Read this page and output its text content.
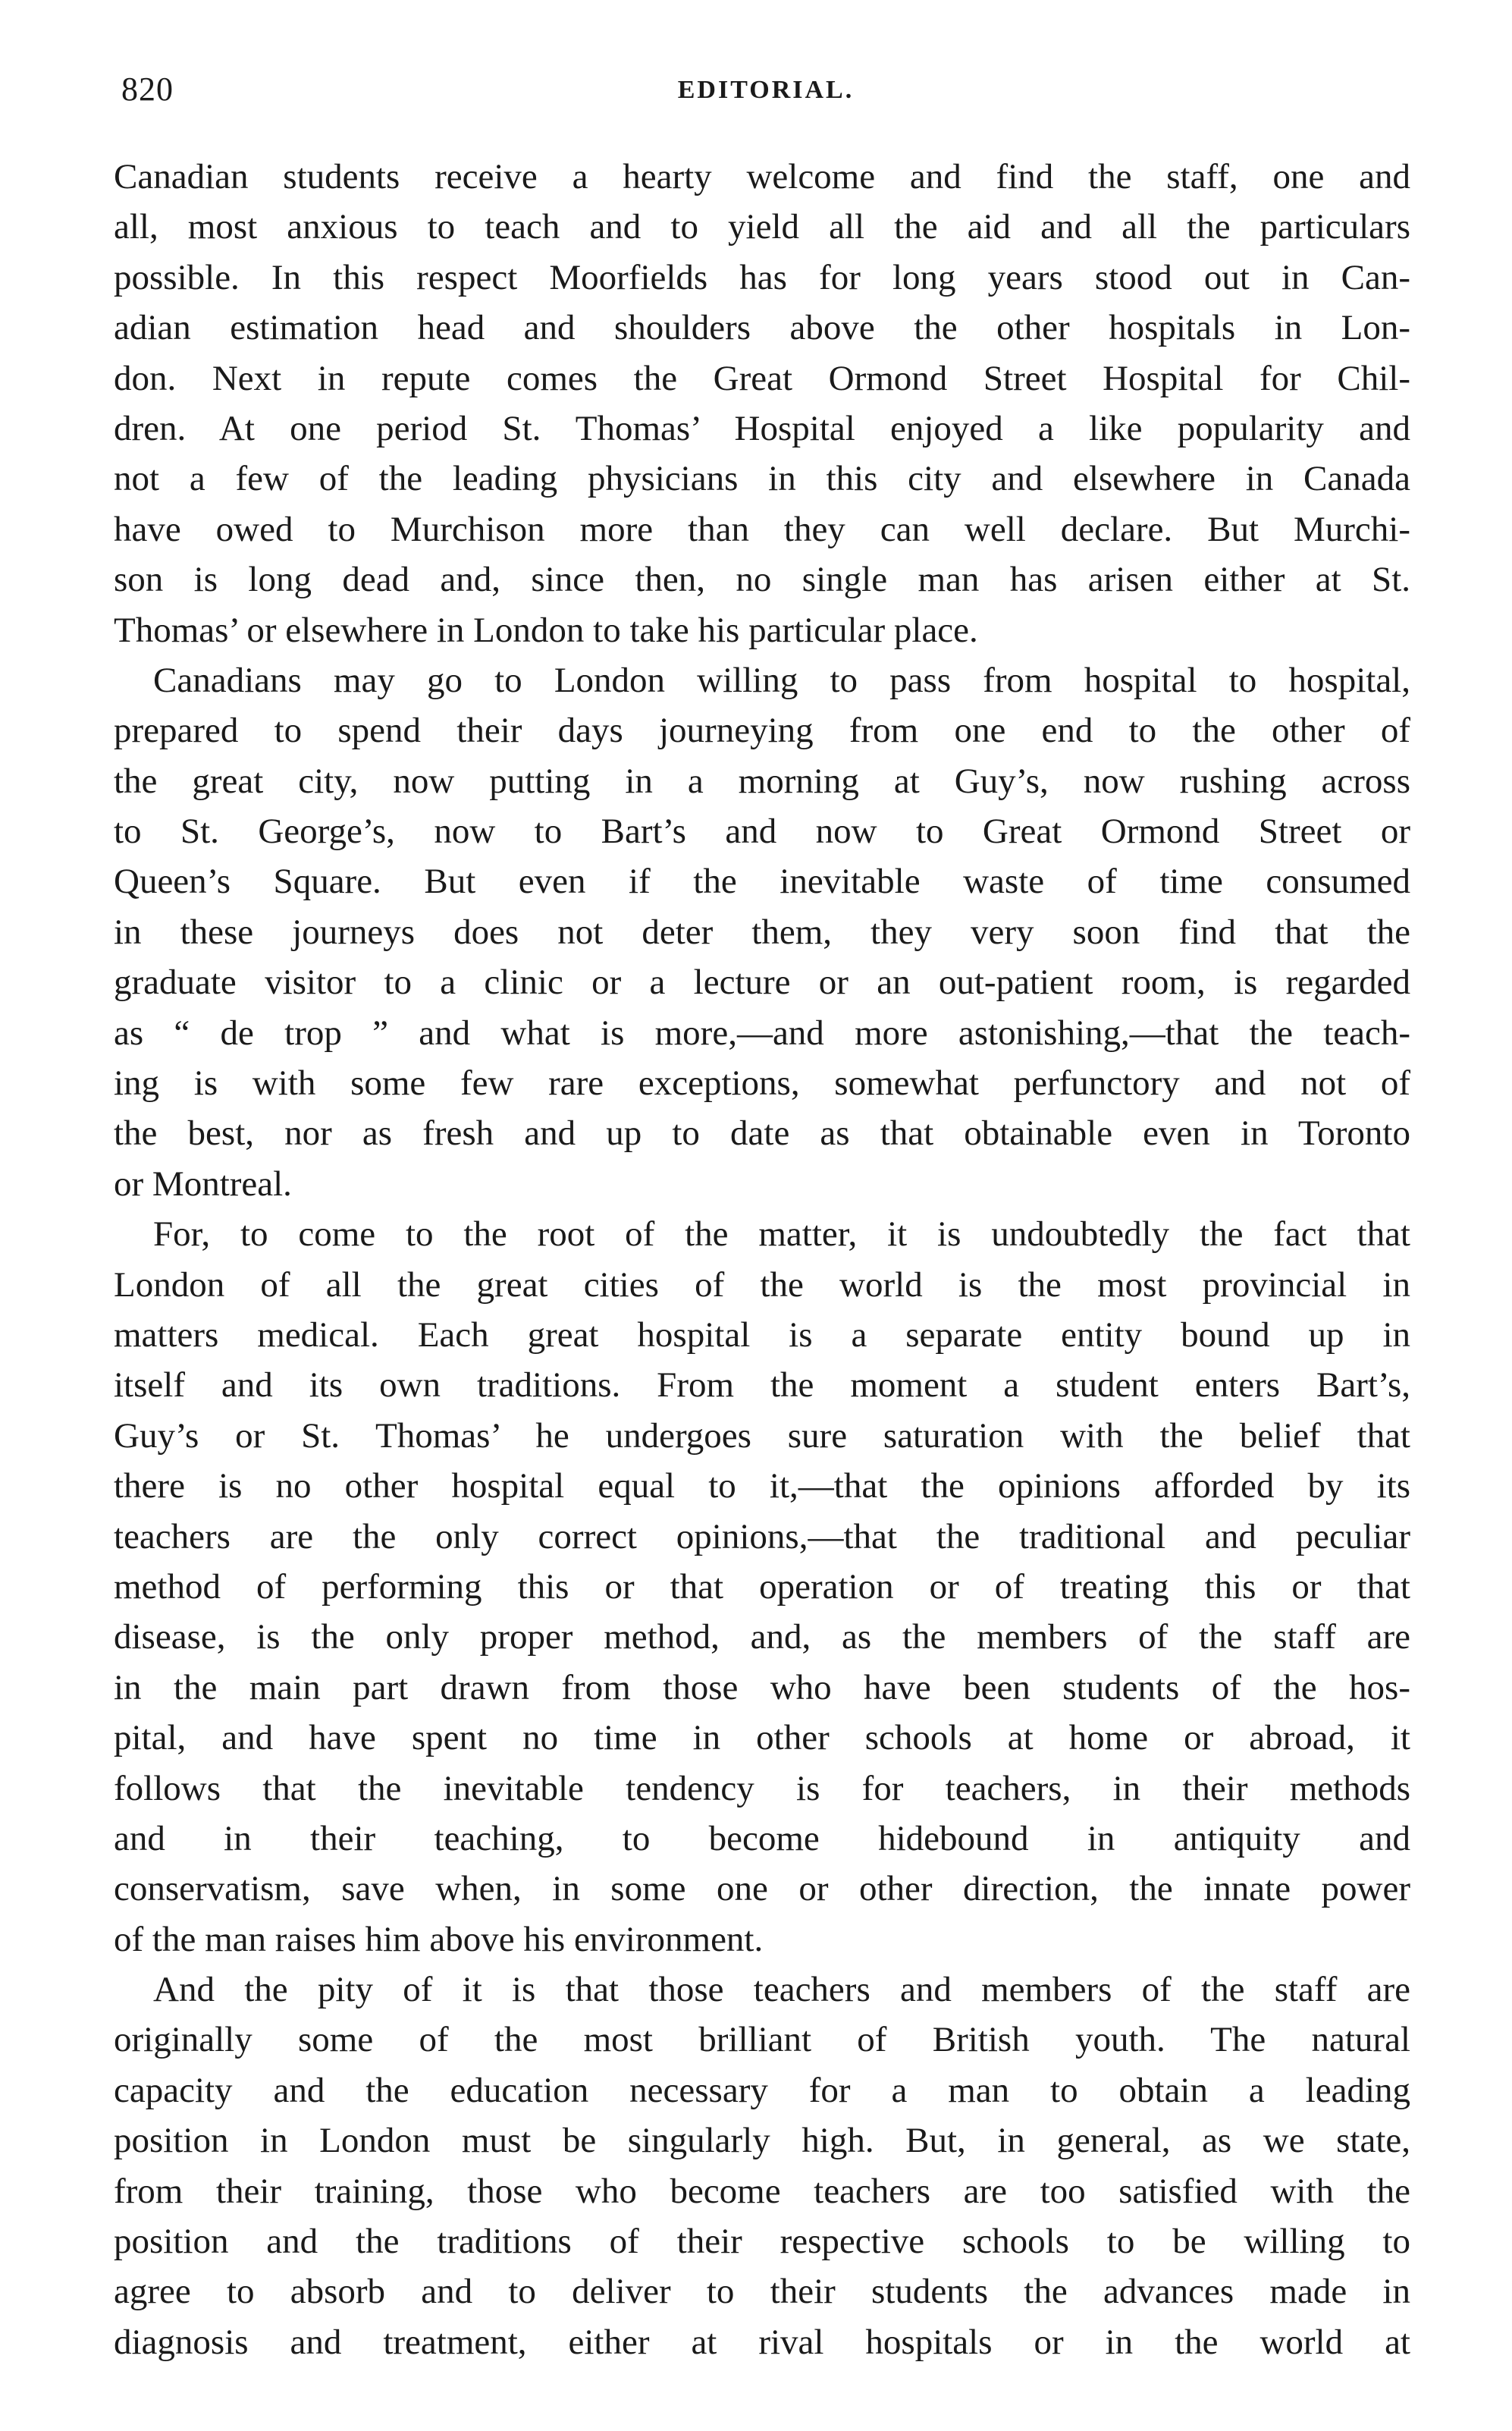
820	EDITORIAL.
Canadian students receive a hearty welcome and find the staff, one and
all, most anxious to teach and to yield all the aid and all the particulars
possible. In this respect Moorfields has for long years stood out in Can-
adian estimation head and shoulders above the other hospitals in Lon-
don. Next in repute comes the Great Ormond Street Hospital for Chil-
dren. At one period St. Thomas’ Hospital enjoyed a like popularity and
not a few of the leading physicians in this city and elsewhere in Canada
have owed to Murchison more than they can well declare. But Murchi-
son is long dead and, since then, no single man has arisen either at St.
Thomas’ or elsewhere in London to take his particular place.
Canadians may go to London willing to pass from hospital to hospital,
prepared to spend their days journeying from one end to the other of
the great city, now putting in a morning at Guy’s, now rushing across
to St. George’s, now to Bart’s and now to Great Ormond Street or
Queen’s Square. But even if the inevitable waste of time consumed
in these journeys does not deter them, they very soon find that the
graduate visitor to a clinic or a lecture or an out-patient room, is regarded
as “ de trop ” and what is more,—and more astonishing,—that the teach-
ing is with some few rare exceptions, somewhat perfunctory and not of
the best, nor as fresh and up to date as that obtainable even in Toronto
or Montreal.
For, to come to the root of the matter, it is undoubtedly the fact that
London of all the great cities of the world is the most provincial in
matters medical. Each great hospital is a separate entity bound up in
itself and its own traditions. From the moment a student enters Bart’s,
Guy’s or St. Thomas’ he undergoes sure saturation with the belief that
there is no other hospital equal to it,—that the opinions afforded by its
teachers are the only correct opinions,—that the traditional and peculiar
method of performing this or that operation or of treating this or that
disease, is the only proper method, and, as the members of the staff are
in the main part drawn from those who have been students of the hos-
pital, and have spent no time in other schools at home or abroad, it
follows that the inevitable tendency is for teachers, in their methods
and in their teaching, to become hidebound in antiquity and
conservatism, save when, in some one or other direction, the innate power
of the man raises him above his environment.
And the pity of it is that those teachers and members of the staff are
originally some of the most brilliant of British youth. The natural
capacity and the education necessary for a man to obtain a leading
position in London must be singularly high. But, in general, as we state,
from their training, those who become teachers are too satisfied with the
position and the traditions of their respective schools to be willing to
agree to absorb and to deliver to their students the advances made in
diagnosis and treatment, either at rival hospitals or in the world at
